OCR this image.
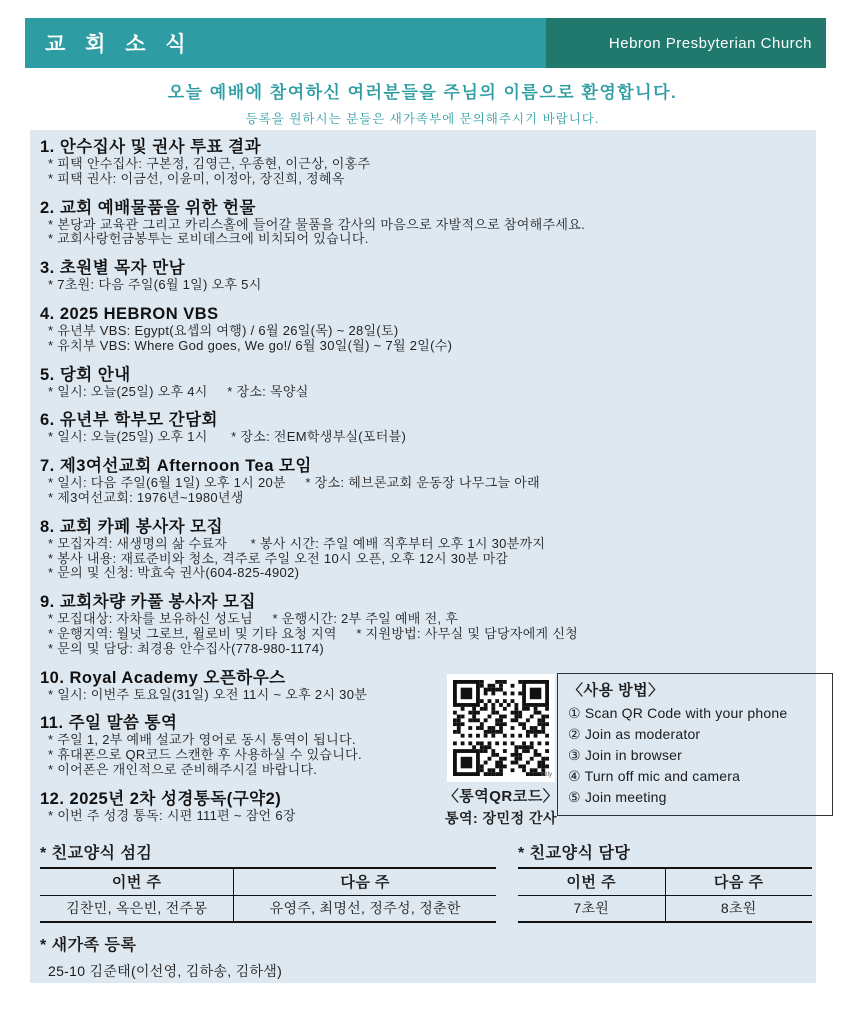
교 회 소 식	Hebron Presbyterian Church
오늘 예배에 참여하신 여러분들을 주님의 이름으로 환영합니다.
등록을 원하시는 분들은 새가족부에 문의해주시기 바랍니다.
1. 안수집사 및 권사 투표 결과
* 피택 안수집사: 구본정, 김영근, 우종현, 이근상, 이홍주
* 피택 권사: 이금선, 이윤미, 이정아, 장진희, 정혜옥
2. 교회 예배물품을 위한 헌물
* 본당과 교육관 그리고 카리스홀에 들어갈 물품을 감사의 마음으로 자발적으로 참여해주세요.
* 교회사랑헌금봉투는 로비데스크에 비치되어 있습니다.
3. 초원별 목자 만남
* 7초원: 다음 주일(6월 1일) 오후 5시
4. 2025 HEBRON VBS
* 유년부 VBS: Egypt(요셉의 여행) / 6월 26일(목) ~ 28일(토)
* 유치부 VBS: Where God goes, We go!/ 6월 30일(월) ~ 7월 2일(수)
5. 당회 안내
* 일시: 오늘(25일) 오후 4시     * 장소: 목양실
6. 유년부 학부모 간담회
* 일시: 오늘(25일) 오후 1시      * 장소: 전EM학생부실(포터블)
7. 제3여선교회 Afternoon Tea 모임
* 일시: 다음 주일(6월 1일) 오후 1시 20분     * 장소: 헤브론교회 운동장 나무그늘 아래
* 제3여선교회: 1976년~1980년생
8. 교회 카페 봉사자 모집
* 모집자격: 새생명의 삶 수료자      * 봉사 시간: 주일 예배 직후부터 오후 1시 30분까지
* 봉사 내용: 재료준비와 청소, 격주로 주일 오전 10시 오픈, 오후 12시 30분 마감
* 문의 및 신청: 박효숙 권사(604-825-4902)
9. 교회차량 카풀 봉사자 모집
* 모집대상: 자차를 보유하신 성도님     * 운행시간: 2부 주일 예배 전, 후
* 운행지역: 월넛 그로브, 윌로비 및 기타 요청 지역     * 지원방법: 사무실 및 담당자에게 신청
* 문의 및 담당: 최경용 안수집사(778-980-1174)
10. Royal Academy 오픈하우스
* 일시: 이번주 토요일(31일) 오전 11시 ~ 오후 2시 30분
11. 주일 말씀 통역
* 주일 1, 2부 예배 설교가 영어로 동시 통역이 됩니다.
* 휴대폰으로 QR코드 스캔한 후 사용하실 수 있습니다.
* 이어폰은 개인적으로 준비해주시길 바랍니다.
12. 2025년 2차 성경통독(구약2)
* 이번 주 성경 통독: 시편 111편 ~ 잠언 6장
bitly
〈통역QR코드〉
통역: 장민정 간사
〈사용 방법〉
① Scan QR Code with your phone
② Join as moderator
③ Join in browser
④ Turn off mic and camera
⑤ Join meeting
* 친교양식 섬김
이번 주	다음 주
김찬민, 옥은빈, 전주몽	유영주, 최명선, 정주성, 정춘한
* 친교양식 담당
이번 주	다음 주
7초원	8초원
* 새가족 등록
25-10 김준태(이선영, 김하송, 김하샘)
